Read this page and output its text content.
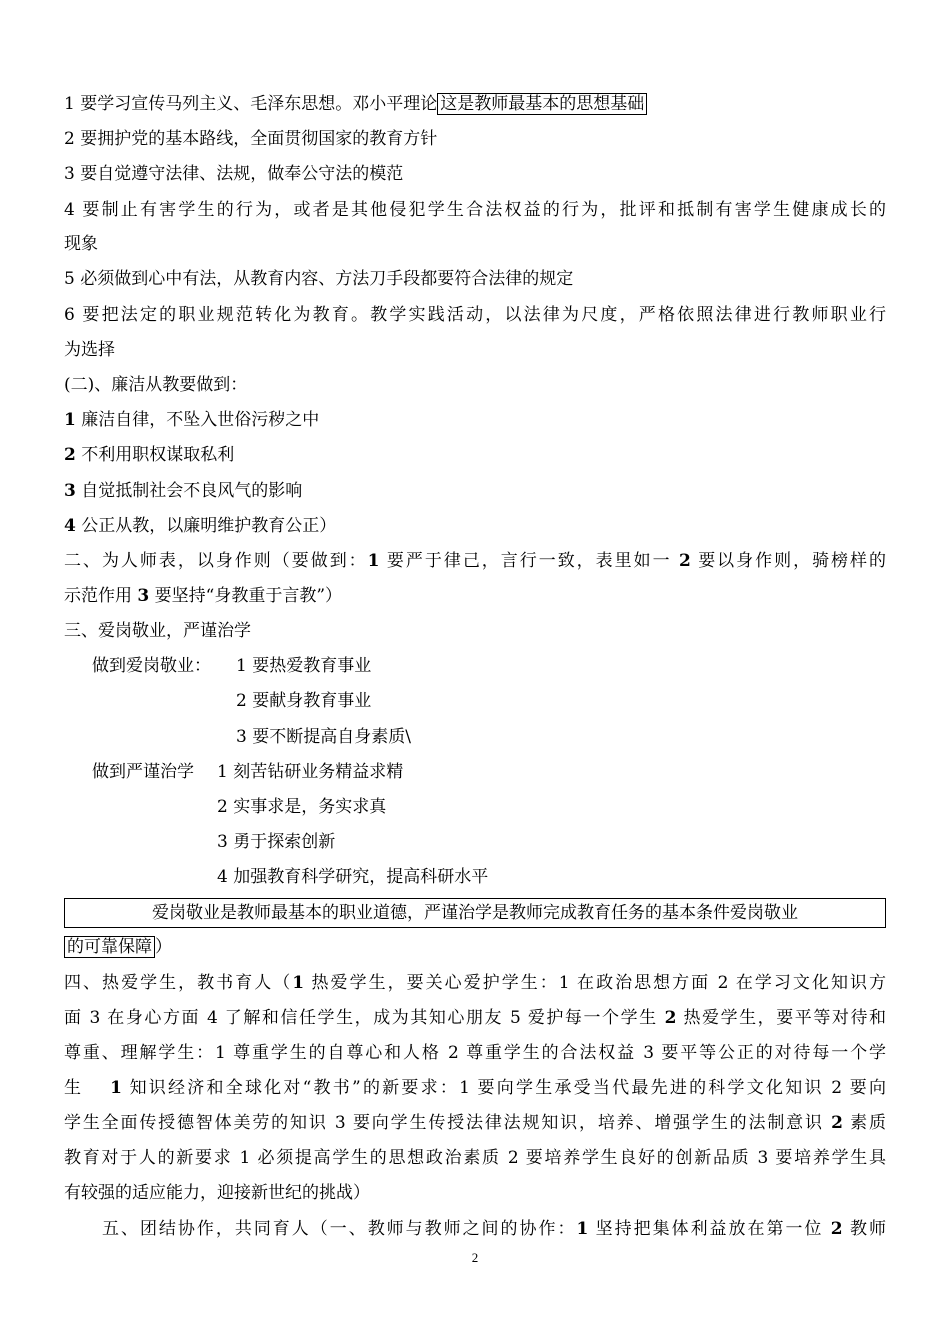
1 要学习宣传马列主义、毛泽东思想。邓小平理论 这是教师最基本的思想基础
2 要拥护党的基本路线，全面贯彻国家的教育方针
3 要自觉遵守法律、法规，做奉公守法的模范
4 要制止有害学生的行为，或者是其他侵犯学生合法权益的行为，批评和抵制有害学生健康成长的
现象
5 必须做到心中有法，从教育内容、方法刀手段都要符合法律的规定
6 要把法定的职业规范转化为教育。教学实践活动，以法律为尺度，严格依照法律进行教师职业行
为选择
(二)、廉洁从教要做到：
1 廉洁自律，不坠入世俗污秽之中
2 不利用职权谋取私利
3 自觉抵制社会不良风气的影响
4 公正从教，以廉明维护教育公正）
二、为人师表，以身作则（要做到：1 要严于律己，言行一致，表里如一 2 要以身作则，骑榜样的
示范作用 3 要坚持“身教重于言教”）
三、爱岗敬业，严谨治学
做到爱岗敬业： 1 要热爱教育事业
2 要献身教育事业
3 要不断提高自身素质\
做到严谨治学 1 刻苦钻研业务精益求精
2 实事求是，务实求真
3 勇于探索创新
4 加强教育科学研究，提高科研水平
爱岗敬业是教师最基本的职业道德，严谨治学是教师完成教育任务的基本条件爱岗敬业
的可靠保障 ）
四、热爱学生，教书育人（1 热爱学生，要关心爱护学生：1 在政治思想方面 2 在学习文化知识方
面 3 在身心方面 4 了解和信任学生，成为其知心朋友 5 爱护每一个学生 2 热爱学生，要平等对待和
尊重、理解学生：1 尊重学生的自尊心和人格 2 尊重学生的合法权益 3 要平等公正的对待每一个学
生　 1 知识经济和全球化对“教书”的新要求：1 要向学生承受当代最先进的科学文化知识 2 要向
学生全面传授德智体美劳的知识 3 要向学生传授法律法规知识，培养、增强学生的法制意识 2 素质
教育对于人的新要求 1 必须提高学生的思想政治素质 2 要培养学生良好的创新品质 3 要培养学生具
有较强的适应能力，迎接新世纪的挑战）
五、团结协作，共同育人（一、教师与教师之间的协作：1 坚持把集体利益放在第一位 2 教师
2
